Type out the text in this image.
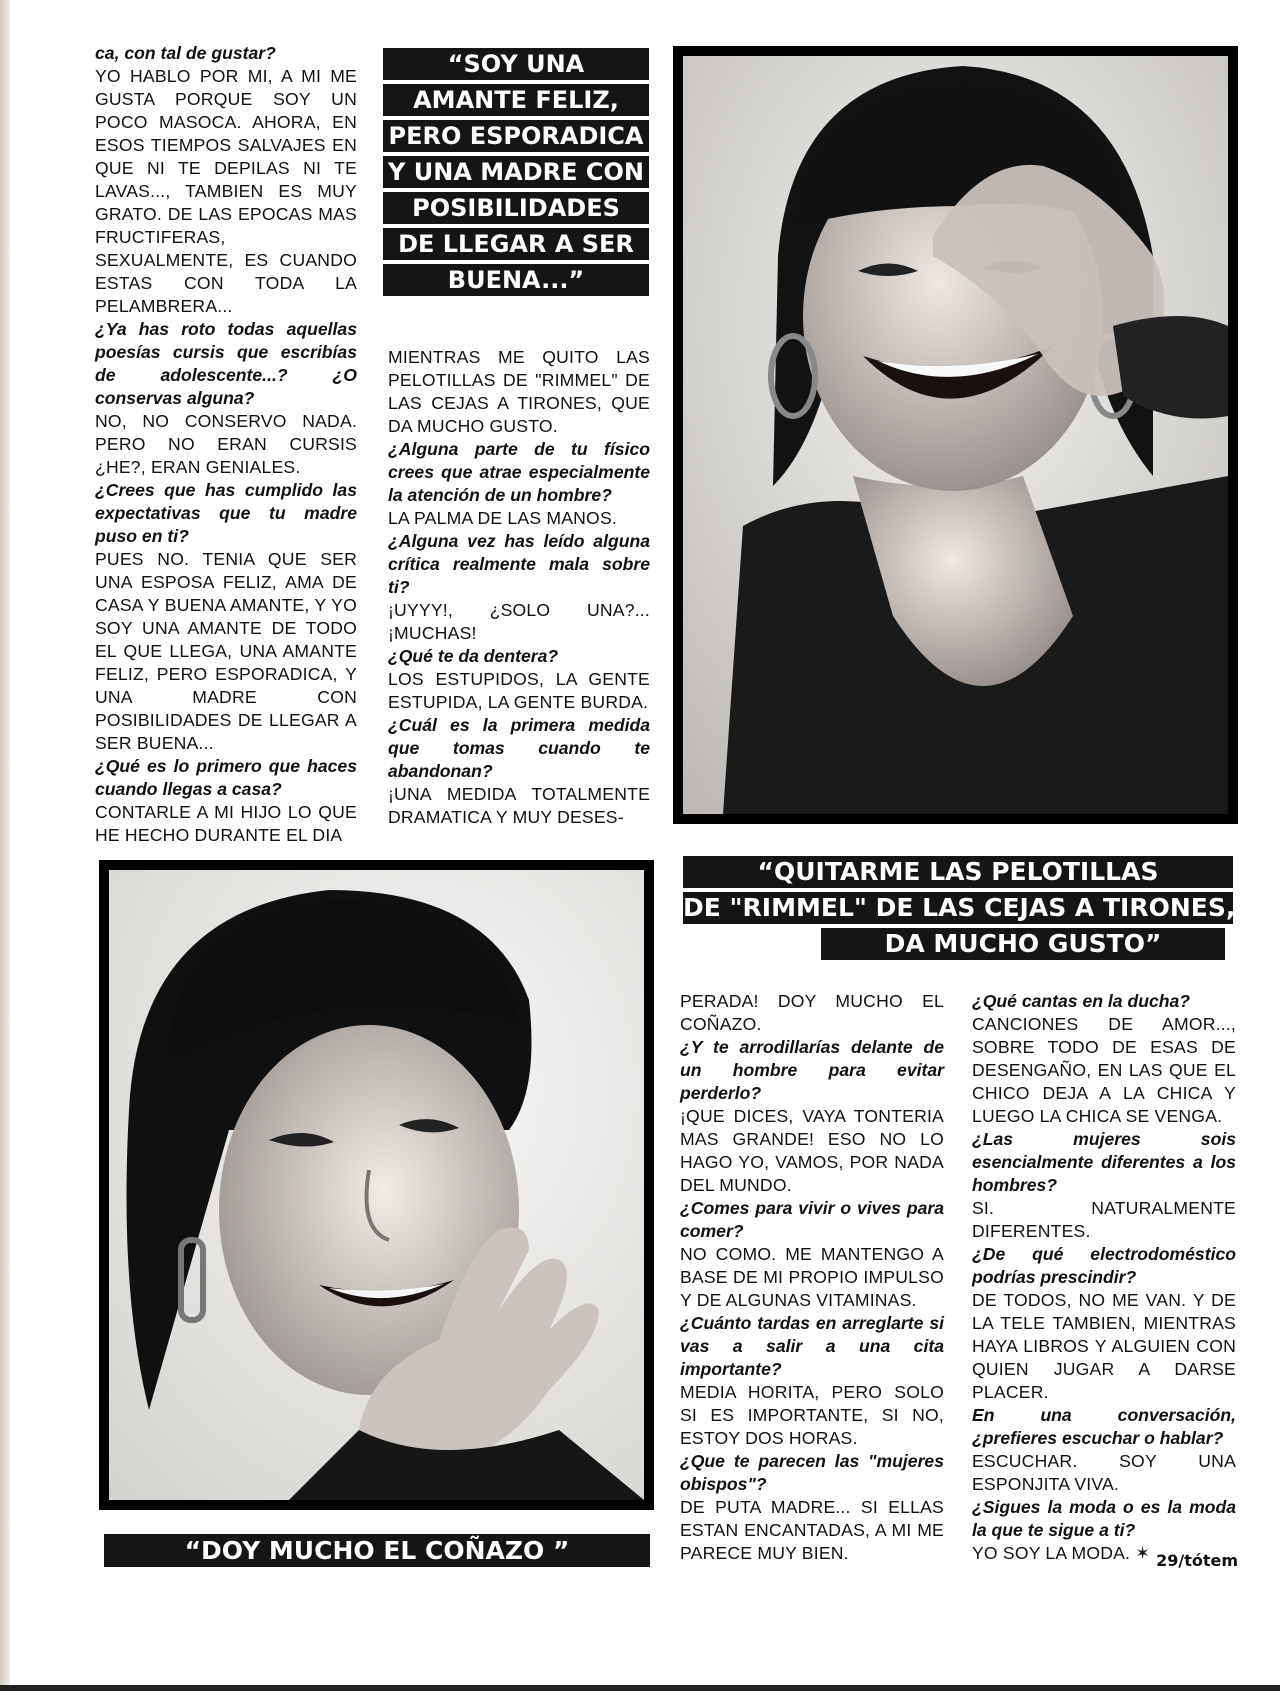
ca, con tal de gustar?

YO HABLO POR MI, A MI ME GUSTA PORQUE SOY UN POCO MASOCA. AHORA, EN ESOS TIEMPOS SALVAJES EN QUE NI TE DEPILAS NI TE LAVAS..., TAMBIEN ES MUY GRATO. DE LAS EPOCAS MAS FRUCTIFERAS, SEXUALMENTE, ES CUANDO ESTAS CON TODA LA PELAMBRERA...

¿Ya has roto todas aquellas poesías cursis que escribías de adolescente...? ¿O conservas alguna?

NO, NO CONSERVO NADA. PERO NO ERAN CURSIS ¿HE?, ERAN GENIALES.

¿Crees que has cumplido las expectativas que tu madre puso en ti?

PUES NO. TENIA QUE SER UNA ESPOSA FELIZ, AMA DE CASA Y BUENA AMANTE, Y YO SOY UNA AMANTE DE TODO EL QUE LLEGA, UNA AMANTE FELIZ, PERO ESPORADICA, Y UNA MADRE CON POSIBILIDADES DE LLEGAR A SER BUENA...

¿Qué es lo primero que haces cuando llegas a casa?

CONTARLE A MI HIJO LO QUE HE HECHO DURANTE EL DIA

“SOY UNA
AMANTE FELIZ,
PERO ESPORADICA
Y UNA MADRE CON
POSIBILIDADES
DE LLEGAR A SER
BUENA...”

MIENTRAS ME QUITO LAS PELOTILLAS DE "RIMMEL" DE LAS CEJAS A TIRONES, QUE DA MUCHO GUSTO.

¿Alguna parte de tu físico crees que atrae especialmente la atención de un hombre?

LA PALMA DE LAS MANOS.

¿Alguna vez has leído alguna crítica realmente mala sobre ti?

¡UYYY!, ¿SOLO UNA?... ¡MUCHAS!

¿Qué te da dentera?

LOS ESTUPIDOS, LA GENTE ESTUPIDA, LA GENTE BURDA.

¿Cuál es la primera medida que tomas cuando te abandonan?

¡UNA MEDIDA TOTALMENTE DRAMATICA Y MUY DESES-

“DOY MUCHO EL COÑAZO ”
“QUITARME LAS PELOTILLAS
DE "RIMMEL" DE LAS CEJAS A TIRONES,
DA MUCHO GUSTO”

PERADA! DOY MUCHO EL COÑAZO.

¿Y te arrodillarías delante de un hombre para evitar perderlo?

¡QUE DICES, VAYA TONTERIA MAS GRANDE! ESO NO LO HAGO YO, VAMOS, POR NADA DEL MUNDO.

¿Comes para vivir o vives para comer?

NO COMO. ME MANTENGO A BASE DE MI PROPIO IMPULSO Y DE ALGUNAS VITAMINAS.

¿Cuánto tardas en arreglarte si vas a salir a una cita importante?

MEDIA HORITA, PERO SOLO SI ES IMPORTANTE, SI NO, ESTOY DOS HORAS.

¿Que te parecen las "mujeres obispos"?

DE PUTA MADRE... SI ELLAS ESTAN ENCANTADAS, A MI ME PARECE MUY BIEN.

¿Qué cantas en la ducha?

CANCIONES DE AMOR..., SOBRE TODO DE ESAS DE DESENGAÑO, EN LAS QUE EL CHICO DEJA A LA CHICA Y LUEGO LA CHICA SE VENGA.

¿Las mujeres sois esencialmente diferentes a los hombres?

SI. NATURALMENTE DIFERENTES.

¿De qué electrodoméstico podrías prescindir?

DE TODOS, NO ME VAN. Y DE LA TELE TAMBIEN, MIENTRAS HAYA LIBROS Y ALGUIEN CON QUIEN JUGAR A DARSE PLACER.

En una conversación, ¿prefieres escuchar o hablar?

ESCUCHAR. SOY UNA ESPONJITA VIVA.

¿Sigues la moda o es la moda la que te sigue a ti?

YO SOY LA MODA. ✶ 29/tótem
